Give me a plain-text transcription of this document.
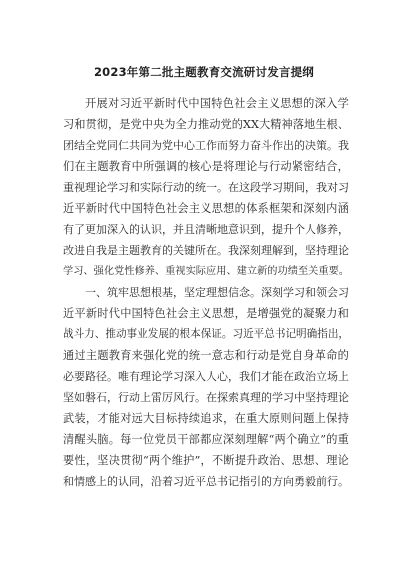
2023年第二批主题教育交流研讨发言提纲
开展对习近平新时代中国特色社会主义思想的深入学
习和贯彻，是党中央为全力推动党的XX大精神落地生根、
团结全党同仁共同为党中心工作而努力奋斗作出的决策。我
们在主题教育中所强调的核心是将理论与行动紧密结合，
重视理论学习和实际行动的统一。在这段学习期间，我对习
近平新时代中国特色社会主义思想的体系框架和深刻内涵
有了更加深入的认识，并且清晰地意识到，提升个人修养，
改进自我是主题教育的关键所在。我深刻理解到，坚持理论
学习、强化党性修养、重视实际应用、建立新的功绩至关重要。
一、筑牢思想根基，坚定理想信念。深刻学习和领会习
近平新时代中国特色社会主义思想，是增强党的凝聚力和
战斗力、推动事业发展的根本保证。习近平总书记明确指出，
通过主题教育来强化党的统一意志和行动是党自身革命的
必要路径。唯有理论学习深入人心，我们才能在政治立场上
坚如磐石，行动上雷厉风行。在探索真理的学习中坚持理论
武装，才能对远大目标持续追求，在重大原则问题上保持
清醒头脑。每一位党员干部都应深刻理解“两个确立”的重
要性，坚决贯彻“两个维护”，不断提升政治、思想、理论
和情感上的认同，沿着习近平总书记指引的方向勇毅前行。
